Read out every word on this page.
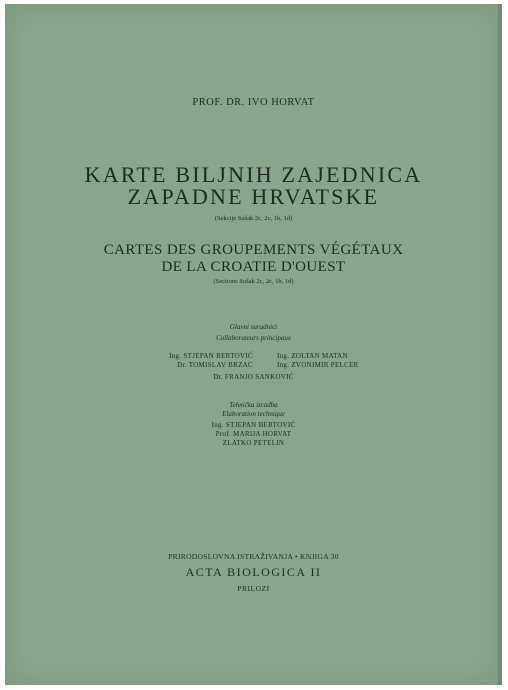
PROF. DR. IVO HORVAT
KARTE BILJNIH ZAJEDNICA
ZAPADNE HRVATSKE
(Sekcije Sušak 2c, 2c, 1b, 1d)
CARTES DES GROUPEMENTS VÉGÉTAUX
DE LA CROATIE D'OUEST
(Sections Sušak 2c, 2c, 1b, 1d)
Glavni suradnici
Collaborateurs principaux
Ing. STJEPAN BERTOVIĆ	Ing. ZOLTAN MATAN
Dr. TOMISLAV BRZAC	Ing. ZVONIMIR PELCER
Dr. FRANJO SANKOVIĆ
Tehnička izradba
Elaboration technique
Ing. STJEPAN BERTOVIĆ
Prof. MARIJA HORVAT
ZLATKO PETELIN
PRIRODOSLOVNA ISTRAŽIVANJA • KNJIGA 30
ACTA BIOLOGICA II
PRILOZI
